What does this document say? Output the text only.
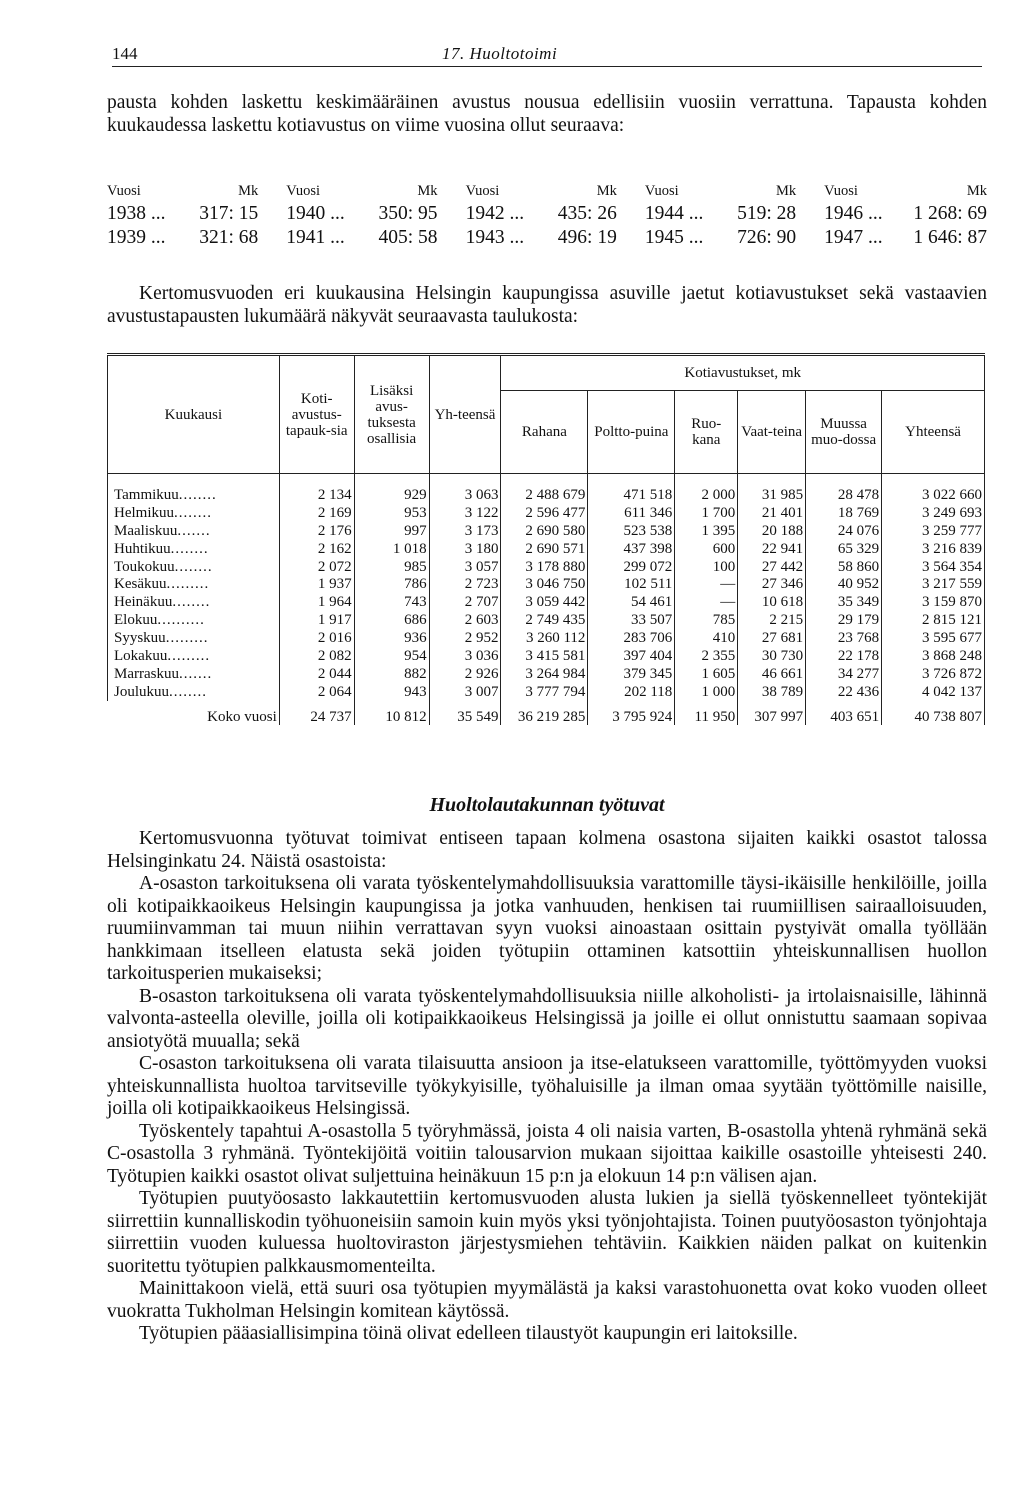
144	17. Huoltotoimi

pausta kohden laskettu keskimääräinen avustus nousua edellisiin vuosiin verrattuna. Tapausta kohden kuukaudessa laskettu kotiavustus on viime vuosina ollut seuraava:

Vuosi	Mk	Vuosi	Mk	Vuosi	Mk	Vuosi	Mk	Vuosi	Mk
1938 ...	317: 15	1940 ...	350: 95	1942 ...	435: 26	1944 ...	519: 28	1946 ...	1 268: 69
1939 ...	321: 68	1941 ...	405: 58	1943 ...	496: 19	1945 ...	726: 90	1947 ...	1 646: 87

Kertomusvuoden eri kuukausina Helsingin kaupungissa asuville jaetut kotiavustukset sekä vastaavien avustustapausten lukumäärä näkyvät seuraavasta taulukosta:

Kuukausi	Koti-avustus-tapauk-sia	Lisäksi avus-tuksesta osallisia	Yh-teensä	Kotiavustukset, mk					
				Rahana	Poltto-puina	Ruo-kana	Vaat-teina	Muussa muo-dossa	Yhteensä
Tammikuu........	2 134	929	3 063	2 488 679	471 518	2 000	31 985	28 478	3 022 660
Helmikuu........	2 169	953	3 122	2 596 477	611 346	1 700	21 401	18 769	3 249 693
Maaliskuu.......	2 176	997	3 173	2 690 580	523 538	1 395	20 188	24 076	3 259 777
Huhtikuu........	2 162	1 018	3 180	2 690 571	437 398	600	22 941	65 329	3 216 839
Toukokuu........	2 072	985	3 057	3 178 880	299 072	100	27 442	58 860	3 564 354
Kesäkuu.........	1 937	786	2 723	3 046 750	102 511	—	27 346	40 952	3 217 559
Heinäkuu........	1 964	743	2 707	3 059 442	54 461	—	10 618	35 349	3 159 870
Elokuu..........	1 917	686	2 603	2 749 435	33 507	785	2 215	29 179	2 815 121
Syyskuu.........	2 016	936	2 952	3 260 112	283 706	410	27 681	23 768	3 595 677
Lokakuu.........	2 082	954	3 036	3 415 581	397 404	2 355	30 730	22 178	3 868 248
Marraskuu.......	2 044	882	2 926	3 264 984	379 345	1 605	46 661	34 277	3 726 872
Joulukuu........	2 064	943	3 007	3 777 794	202 118	1 000	38 789	22 436	4 042 137
Koko vuosi	24 737	10 812	35 549	36 219 285	3 795 924	11 950	307 997	403 651	40 738 807
Huoltolautakunnan työtuvat

Kertomusvuonna työtuvat toimivat entiseen tapaan kolmena osastona sijaiten kaikki osastot talossa Helsinginkatu 24. Näistä osastoista:

A-osaston tarkoituksena oli varata työskentelymahdollisuuksia varattomille täysi-ikäisille henkilöille, joilla oli kotipaikkaoikeus Helsingin kaupungissa ja jotka vanhuuden, henkisen tai ruumiillisen sairaalloisuuden, ruumiinvamman tai muun niihin verrattavan syyn vuoksi ainoastaan osittain pystyivät omalla työllään hankkimaan itselleen elatusta sekä joiden työtupiin ottaminen katsottiin yhteiskunnallisen huollon tarkoitusperien mukaiseksi;

B-osaston tarkoituksena oli varata työskentelymahdollisuuksia niille alkoholisti- ja irtolaisnaisille, lähinnä valvonta-asteella oleville, joilla oli kotipaikkaoikeus Helsingissä ja joille ei ollut onnistuttu saamaan sopivaa ansiotyötä muualla; sekä

C-osaston tarkoituksena oli varata tilaisuutta ansioon ja itse-elatukseen varattomille, työttömyyden vuoksi yhteiskunnallista huoltoa tarvitseville työkykyisille, työhaluisille ja ilman omaa syytään työttömille naisille, joilla oli kotipaikkaoikeus Helsingissä.

Työskentely tapahtui A-osastolla 5 työryhmässä, joista 4 oli naisia varten, B-osastolla yhtenä ryhmänä sekä C-osastolla 3 ryhmänä. Työntekijöitä voitiin talousarvion mukaan sijoittaa kaikille osastoille yhteisesti 240. Työtupien kaikki osastot olivat suljettuina heinäkuun 15 p:n ja elokuun 14 p:n välisen ajan.

Työtupien puutyöosasto lakkautettiin kertomusvuoden alusta lukien ja siellä työskennelleet työntekijät siirrettiin kunnalliskodin työhuoneisiin samoin kuin myös yksi työnjohtajista. Toinen puutyöosaston työnjohtaja siirrettiin vuoden kuluessa huoltoviraston järjestysmiehen tehtäviin. Kaikkien näiden palkat on kuitenkin suoritettu työtupien palkkausmomenteilta.

Mainittakoon vielä, että suuri osa työtupien myymälästä ja kaksi varastohuonetta ovat koko vuoden olleet vuokratta Tukholman Helsingin komitean käytössä.

Työtupien pääasiallisimpina töinä olivat edelleen tilaustyöt kaupungin eri laitoksille.
